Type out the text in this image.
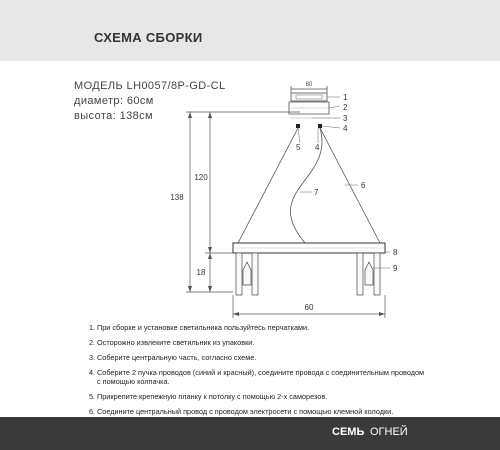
СХЕМА СБОРКИ
МОДЕЛЬ LH0057/8P-GD-CL
диаметр: 60см
высота: 138см
80
1
2
3
4
5 4
6
7
8
9
138
120
18
60
1. При сборке и установке светильника пользуйтесь перчатками.
2. Осторожно извлеките светильник из упаковки.
3. Соберите центральную часть, согласно схеме.
4. Соберите 2 пучка проводов (синий и красный), соедините провода с соединительным проводом с помощью колпачка.
5. Прикрепите крепежную планку к потолку с помощью 2-х саморезов.
6. Соедините центральный провод с проводом электросети с помощью клемной колодки.
СЕМЬ ОГНЕЙ
